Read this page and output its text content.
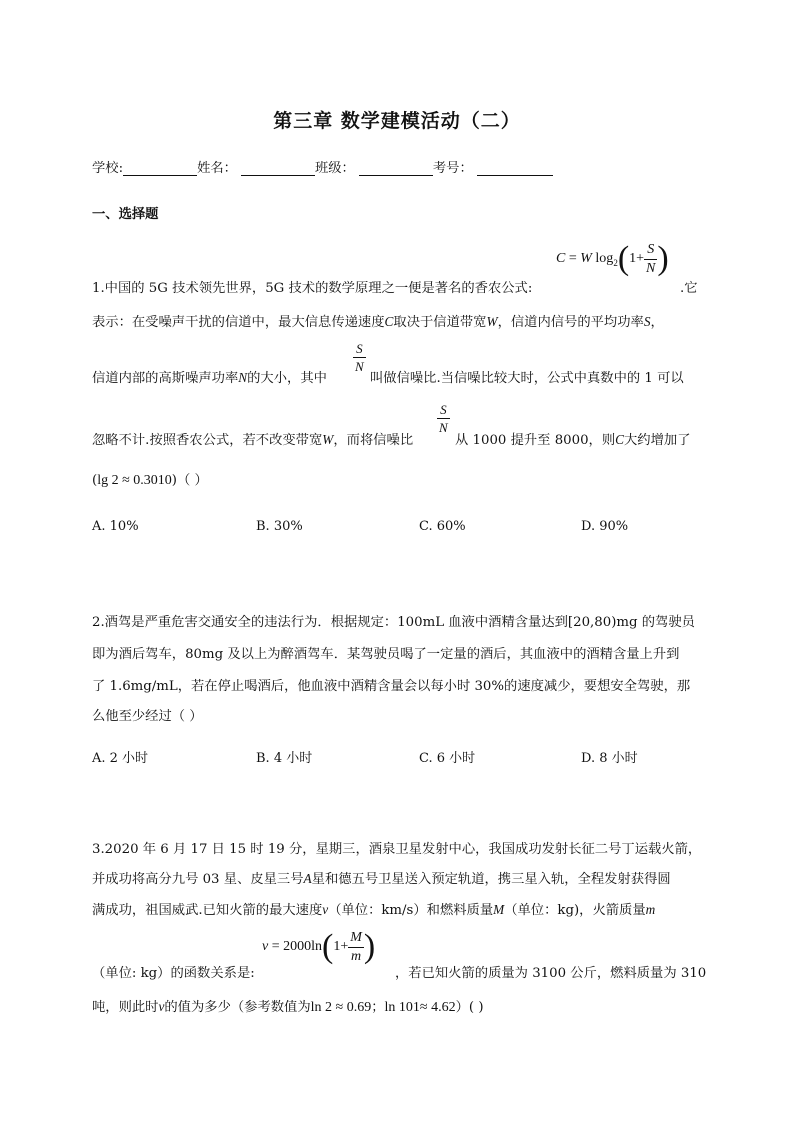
第三章 数学建模活动（二）
学校:	姓名：	班级：	考号：
一、选择题
C = W $\log_2(1+ \frac{S}{N}$ )
1.中国的 5G 技术领先世界，5G 技术的数学原理之一便是著名的香农公式:	.它
表示：在受噪声干扰的信道中，最大信息传递速度C取决于信道带宽W，信道内信号的平均功率S，
$\frac{S}{N}$
信道内部的高斯噪声功率N的大小，其中	叫做信噪比.当信噪比较大时，公式中真数中的 1 可以
$\frac{S}{N}$
忽略不计.按照香农公式，若不改变带宽W，而将信噪比	从 1000 提升至 8000，则C大约增加了
(lg 2 ≈ 0.3010)（ ）
A. 10%	B. 30%	C. 60%	D. 90%
2.酒驾是严重危害交通安全的违法行为．根据规定：100mL 血液中酒精含量达到[20,80)mg 的驾驶员
即为酒后驾车，80mg 及以上为醉酒驾车．某驾驶员喝了一定量的酒后，其血液中的酒精含量上升到
了 1.6mg/mL，若在停止喝酒后，他血液中酒精含量会以每小时 30%的速度减少，要想安全驾驶，那
么他至少经过（ ）
A. 2 小时	B. 4 小时	C. 6 小时	D. 8 小时
3.2020 年 6 月 17 日 15 时 19 分，星期三，酒泉卫星发射中心，我国成功发射长征二号丁运载火箭，
并成功将高分九号 03 星、皮星三号A星和德五号卫星送入预定轨道，携三星入轨，全程发射获得圆
满成功，祖国威武.已知火箭的最大速度v（单位：km/s）和燃料质量M（单位：kg)，火箭质量m
$v = 2000\ln(1+ \frac{M}{m}$ )
（单位: kg）的函数关系是:	，若已知火箭的质量为 3100 公斤，燃料质量为 310
吨，则此时v的值为多少（参考数值为ln 2 ≈ 0.69；ln 101≈ 4.62）( )
